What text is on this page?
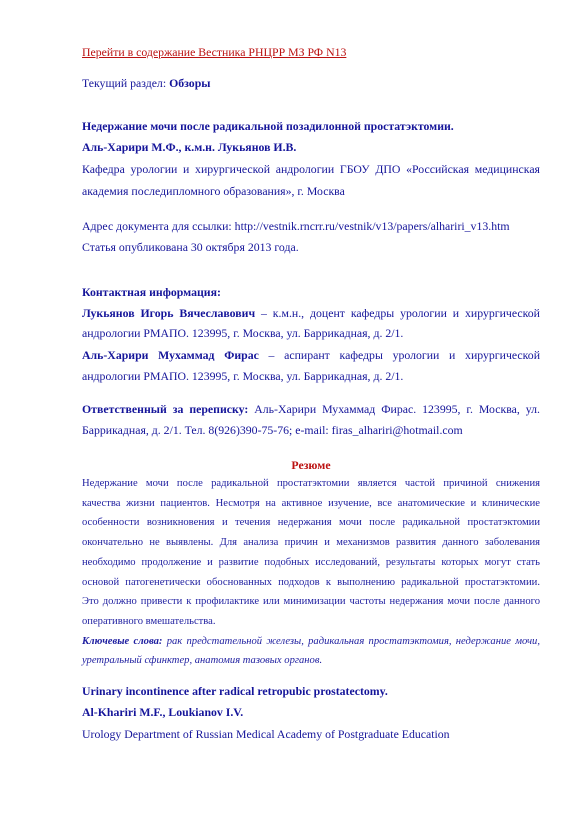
Перейти в содержание Вестника РНЦРР МЗ РФ N13
Текущий раздел: Обзоры
Недержание мочи после радикальной позадилонной простатэктомии.
Аль-Харири М.Ф., к.м.н. Лукьянов И.В.
Кафедра урологии и хирургической андрологии ГБОУ ДПО «Российская медицинская
академия последипломного образования», г. Москва
Адрес документа для ссылки: http://vestnik.rncrr.ru/vestnik/v13/papers/alhariri_v13.htm
Статья опубликована 30 октября 2013 года.
Контактная информация:
Лукьянов Игорь Вячеславович – к.м.н., доцент кафедры урологии и хирургической
андрологии РМАПО. 123995, г. Москва, ул. Баррикадная, д. 2/1.
Аль-Харири Мухаммад Фирас – аспирант кафедры урологии и хирургической
андрологии РМАПО. 123995, г. Москва, ул. Баррикадная, д. 2/1.
Ответственный за переписку: Аль-Харири Мухаммад Фирас. 123995, г. Москва, ул.
Баррикадная, д. 2/1. Тел. 8(926)390-75-76; e-mail: firas_alhariri@hotmail.com
Резюме
Недержание мочи после радикальной простатэктомии является частой причиной снижения
качества жизни пациентов. Несмотря на активное изучение, все анатомические и клинические
особенности возникновения и течения недержания мочи после радикальной простатэктомии
окончательно не выявлены. Для анализа причин и механизмов развития данного заболевания
необходимо продолжение и развитие подобных исследований, результаты которых могут стать
основой патогенетически обоснованных подходов к выполнению радикальной простатэктомии.
Это должно привести к профилактике или минимизации частоты недержания мочи после данного
оперативного вмешательства.
Ключевые слова: рак предстательной железы, радикальная простатэктомия, недержание мочи,
уретральный сфинктер, анатомия тазовых органов.
Urinary incontinence after radical retropubic prostatectomy.
Al-Khariri M.F., Loukianov I.V.
Urology Department of Russian Medical Academy of Postgraduate Education
